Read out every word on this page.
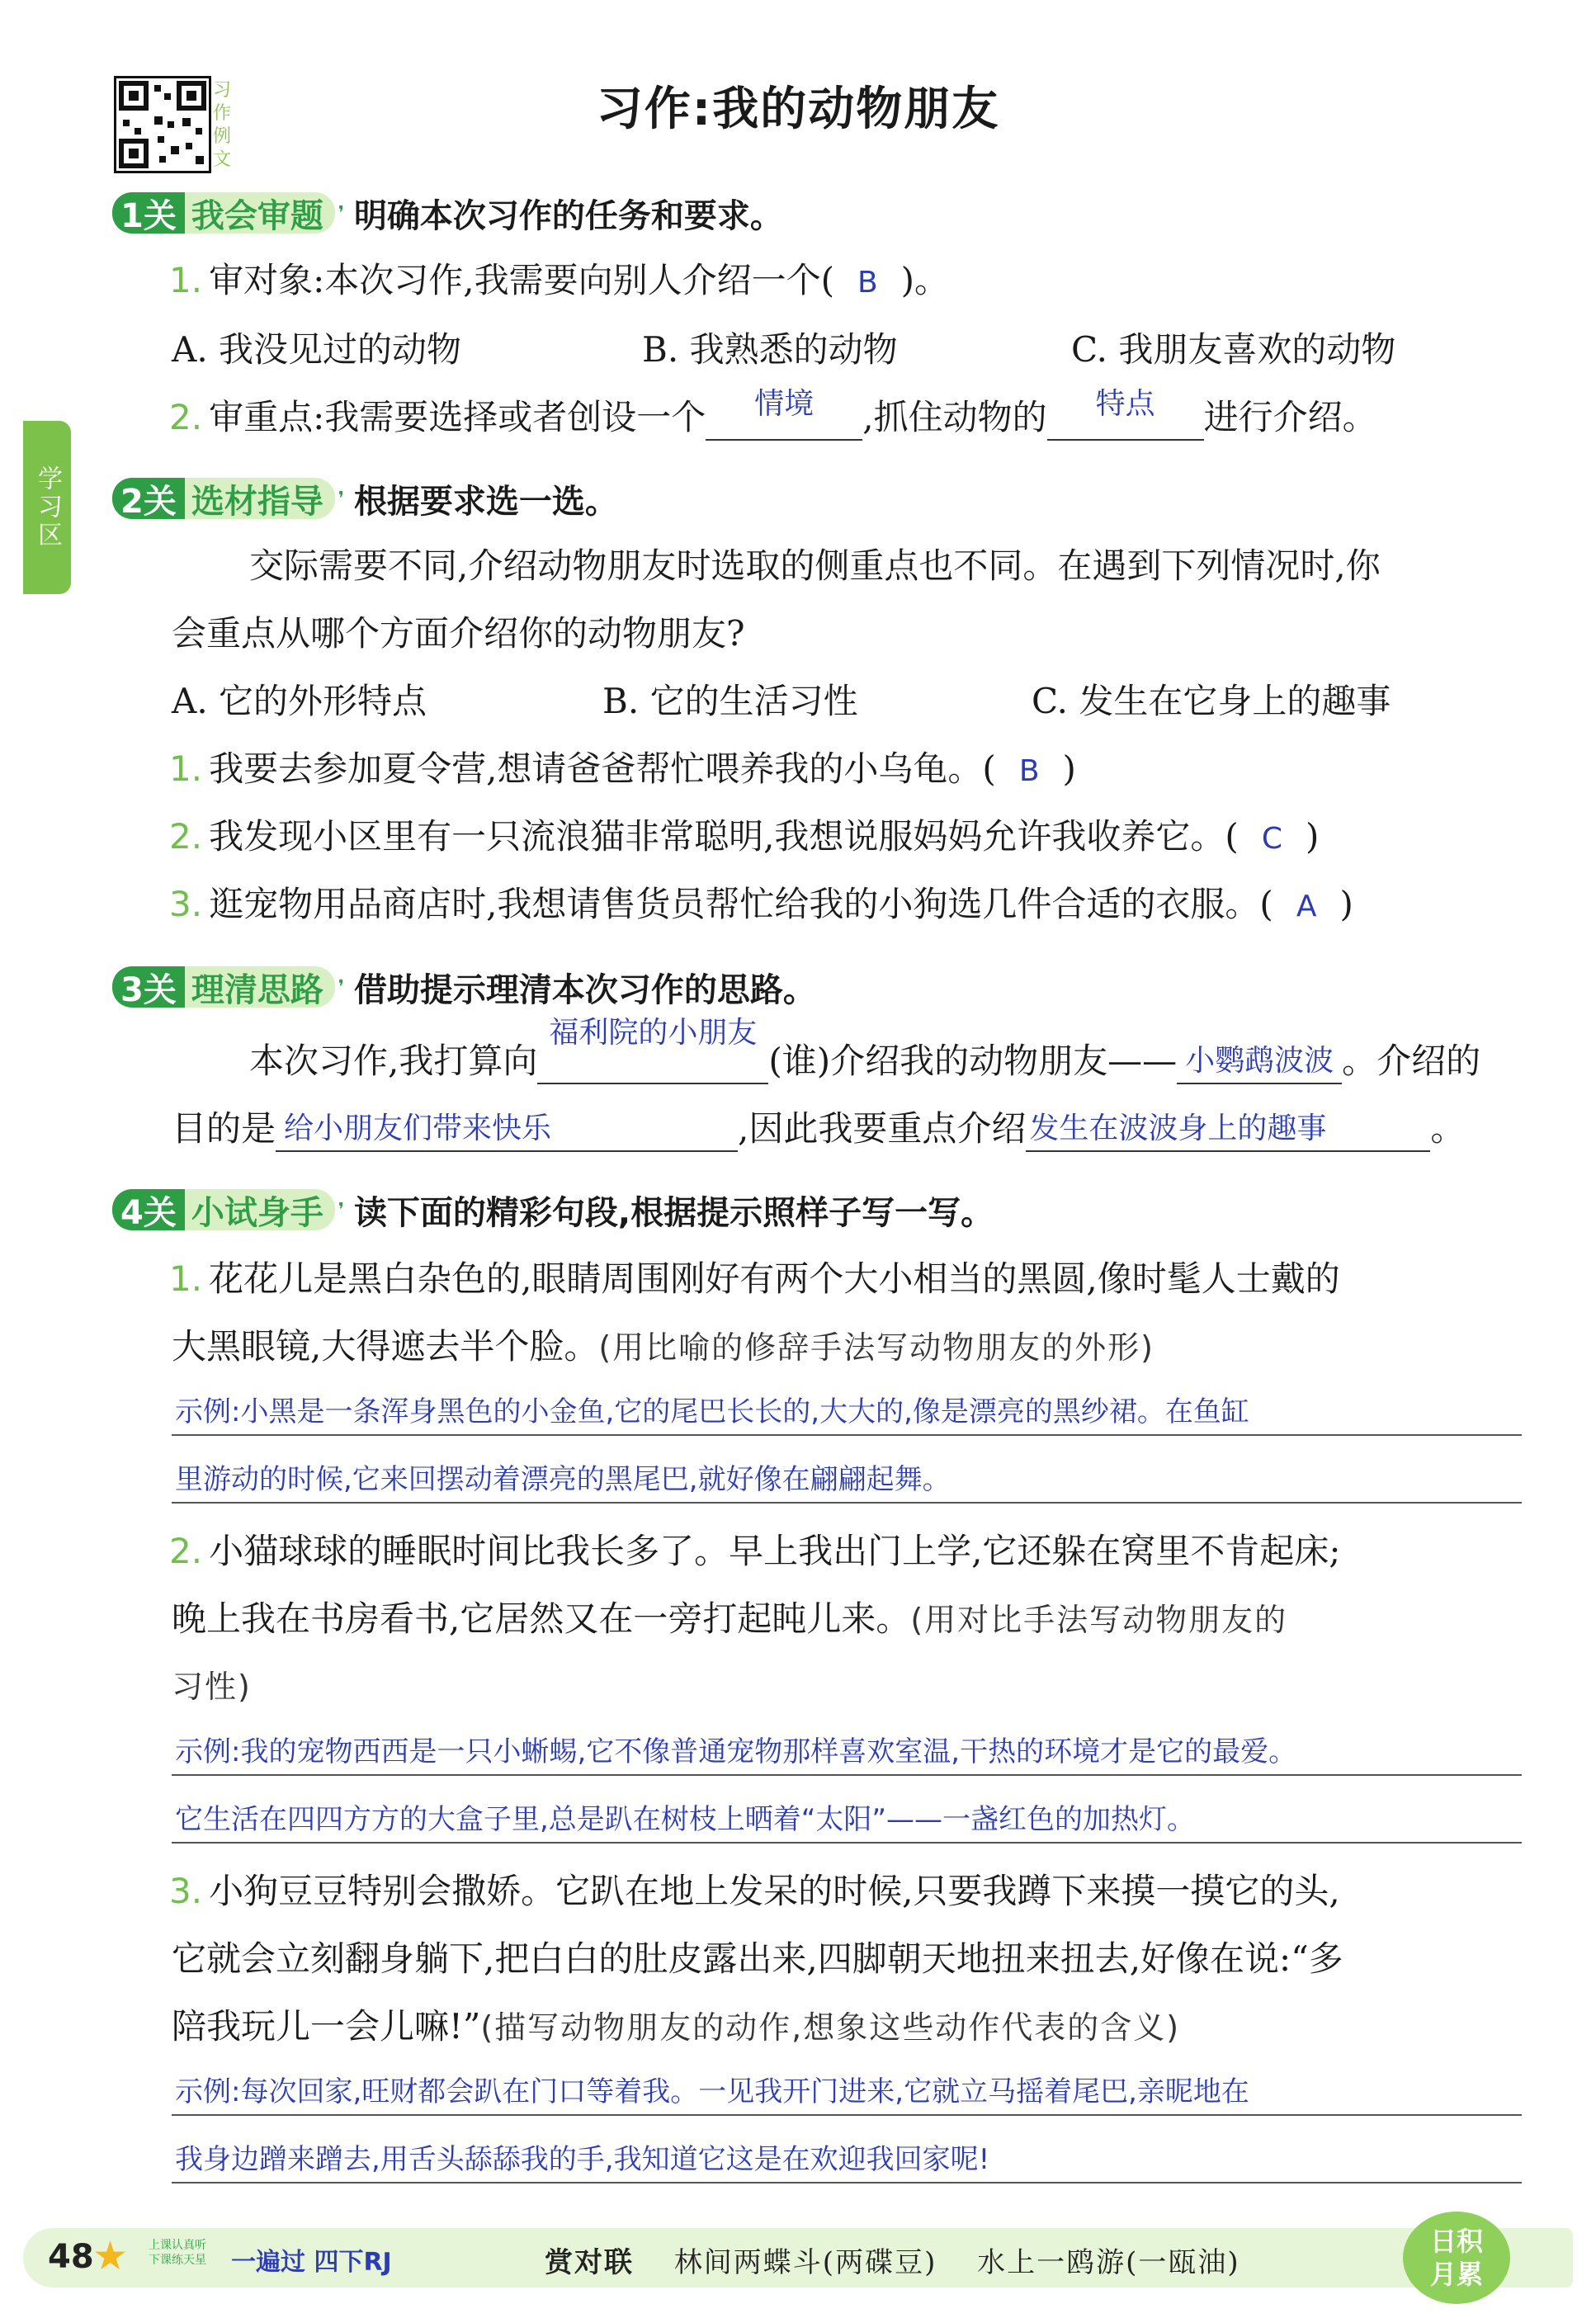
习作例文
习作:我的动物朋友
学习区
1关 我会审题 ❜ 明确本次习作的任务和要求。
1. 审对象:本次习作,我需要向别人介绍一个( B )。
A. 我没见过的动物	B. 我熟悉的动物	C. 我朋友喜欢的动物
2. 审重点:我需要选择或者创设一个	情境	,抓住动物的	特点	进行介绍。
2关 选材指导 ❜ 根据要求选一选。
交际需要不同,介绍动物朋友时选取的侧重点也不同。在遇到下列情况时,你
会重点从哪个方面介绍你的动物朋友?
A. 它的外形特点	B. 它的生活习性	C. 发生在它身上的趣事
1. 我要去参加夏令营,想请爸爸帮忙喂养我的小乌龟。( B )
2. 我发现小区里有一只流浪猫非常聪明,我想说服妈妈允许我收养它。( C )
3. 逛宠物用品商店时,我想请售货员帮忙给我的小狗选几件合适的衣服。( A )
3关 理清思路 ❜ 借助提示理清本次习作的思路。
本次习作,我打算向
福利院的小朋友
(谁)介绍我的动物朋友—— 小鹦鹉波波 。介绍的
目的是 给小朋友们带来快乐	,因此我要重点介绍 发生在波波身上的趣事	。
4关 小试身手 ❜ 读下面的精彩句段,根据提示照样子写一写。
1. 花花儿是黑白杂色的,眼睛周围刚好有两个大小相当的黑圆,像时髦人士戴的
大黑眼镜,大得遮去半个脸。(用比喻的修辞手法写动物朋友的外形)
示例:小黑是一条浑身黑色的小金鱼,它的尾巴长长的,大大的,像是漂亮的黑纱裙。在鱼缸
里游动的时候,它来回摆动着漂亮的黑尾巴,就好像在翩翩起舞。
2. 小猫球球的睡眠时间比我长多了。早上我出门上学,它还躲在窝里不肯起床;
晚上我在书房看书,它居然又在一旁打起盹儿来。(用对比手法写动物朋友的
习性)
示例:我的宠物西西是一只小蜥蜴,它不像普通宠物那样喜欢室温,干热的环境才是它的最爱。
它生活在四四方方的大盒子里,总是趴在树枝上晒着“太阳”——一盏红色的加热灯。
3. 小狗豆豆特别会撒娇。它趴在地上发呆的时候,只要我蹲下来摸一摸它的头,
它就会立刻翻身躺下,把白白的肚皮露出来,四脚朝天地扭来扭去,好像在说:“多
陪我玩儿一会儿嘛!”(描写动物朋友的动作,想象这些动作代表的含义)
示例:每次回家,旺财都会趴在门口等着我。一见我开门进来,它就立马摇着尾巴,亲昵地在
我身边蹭来蹭去,用舌头舔舔我的手,我知道它这是在欢迎我回家呢!
48
★ 上课认真听
下课练天星 一遍过 四下RJ	赏对联 林间两蝶斗(两碟豆) 水上一鸥游(一瓯油)
日积
月累
